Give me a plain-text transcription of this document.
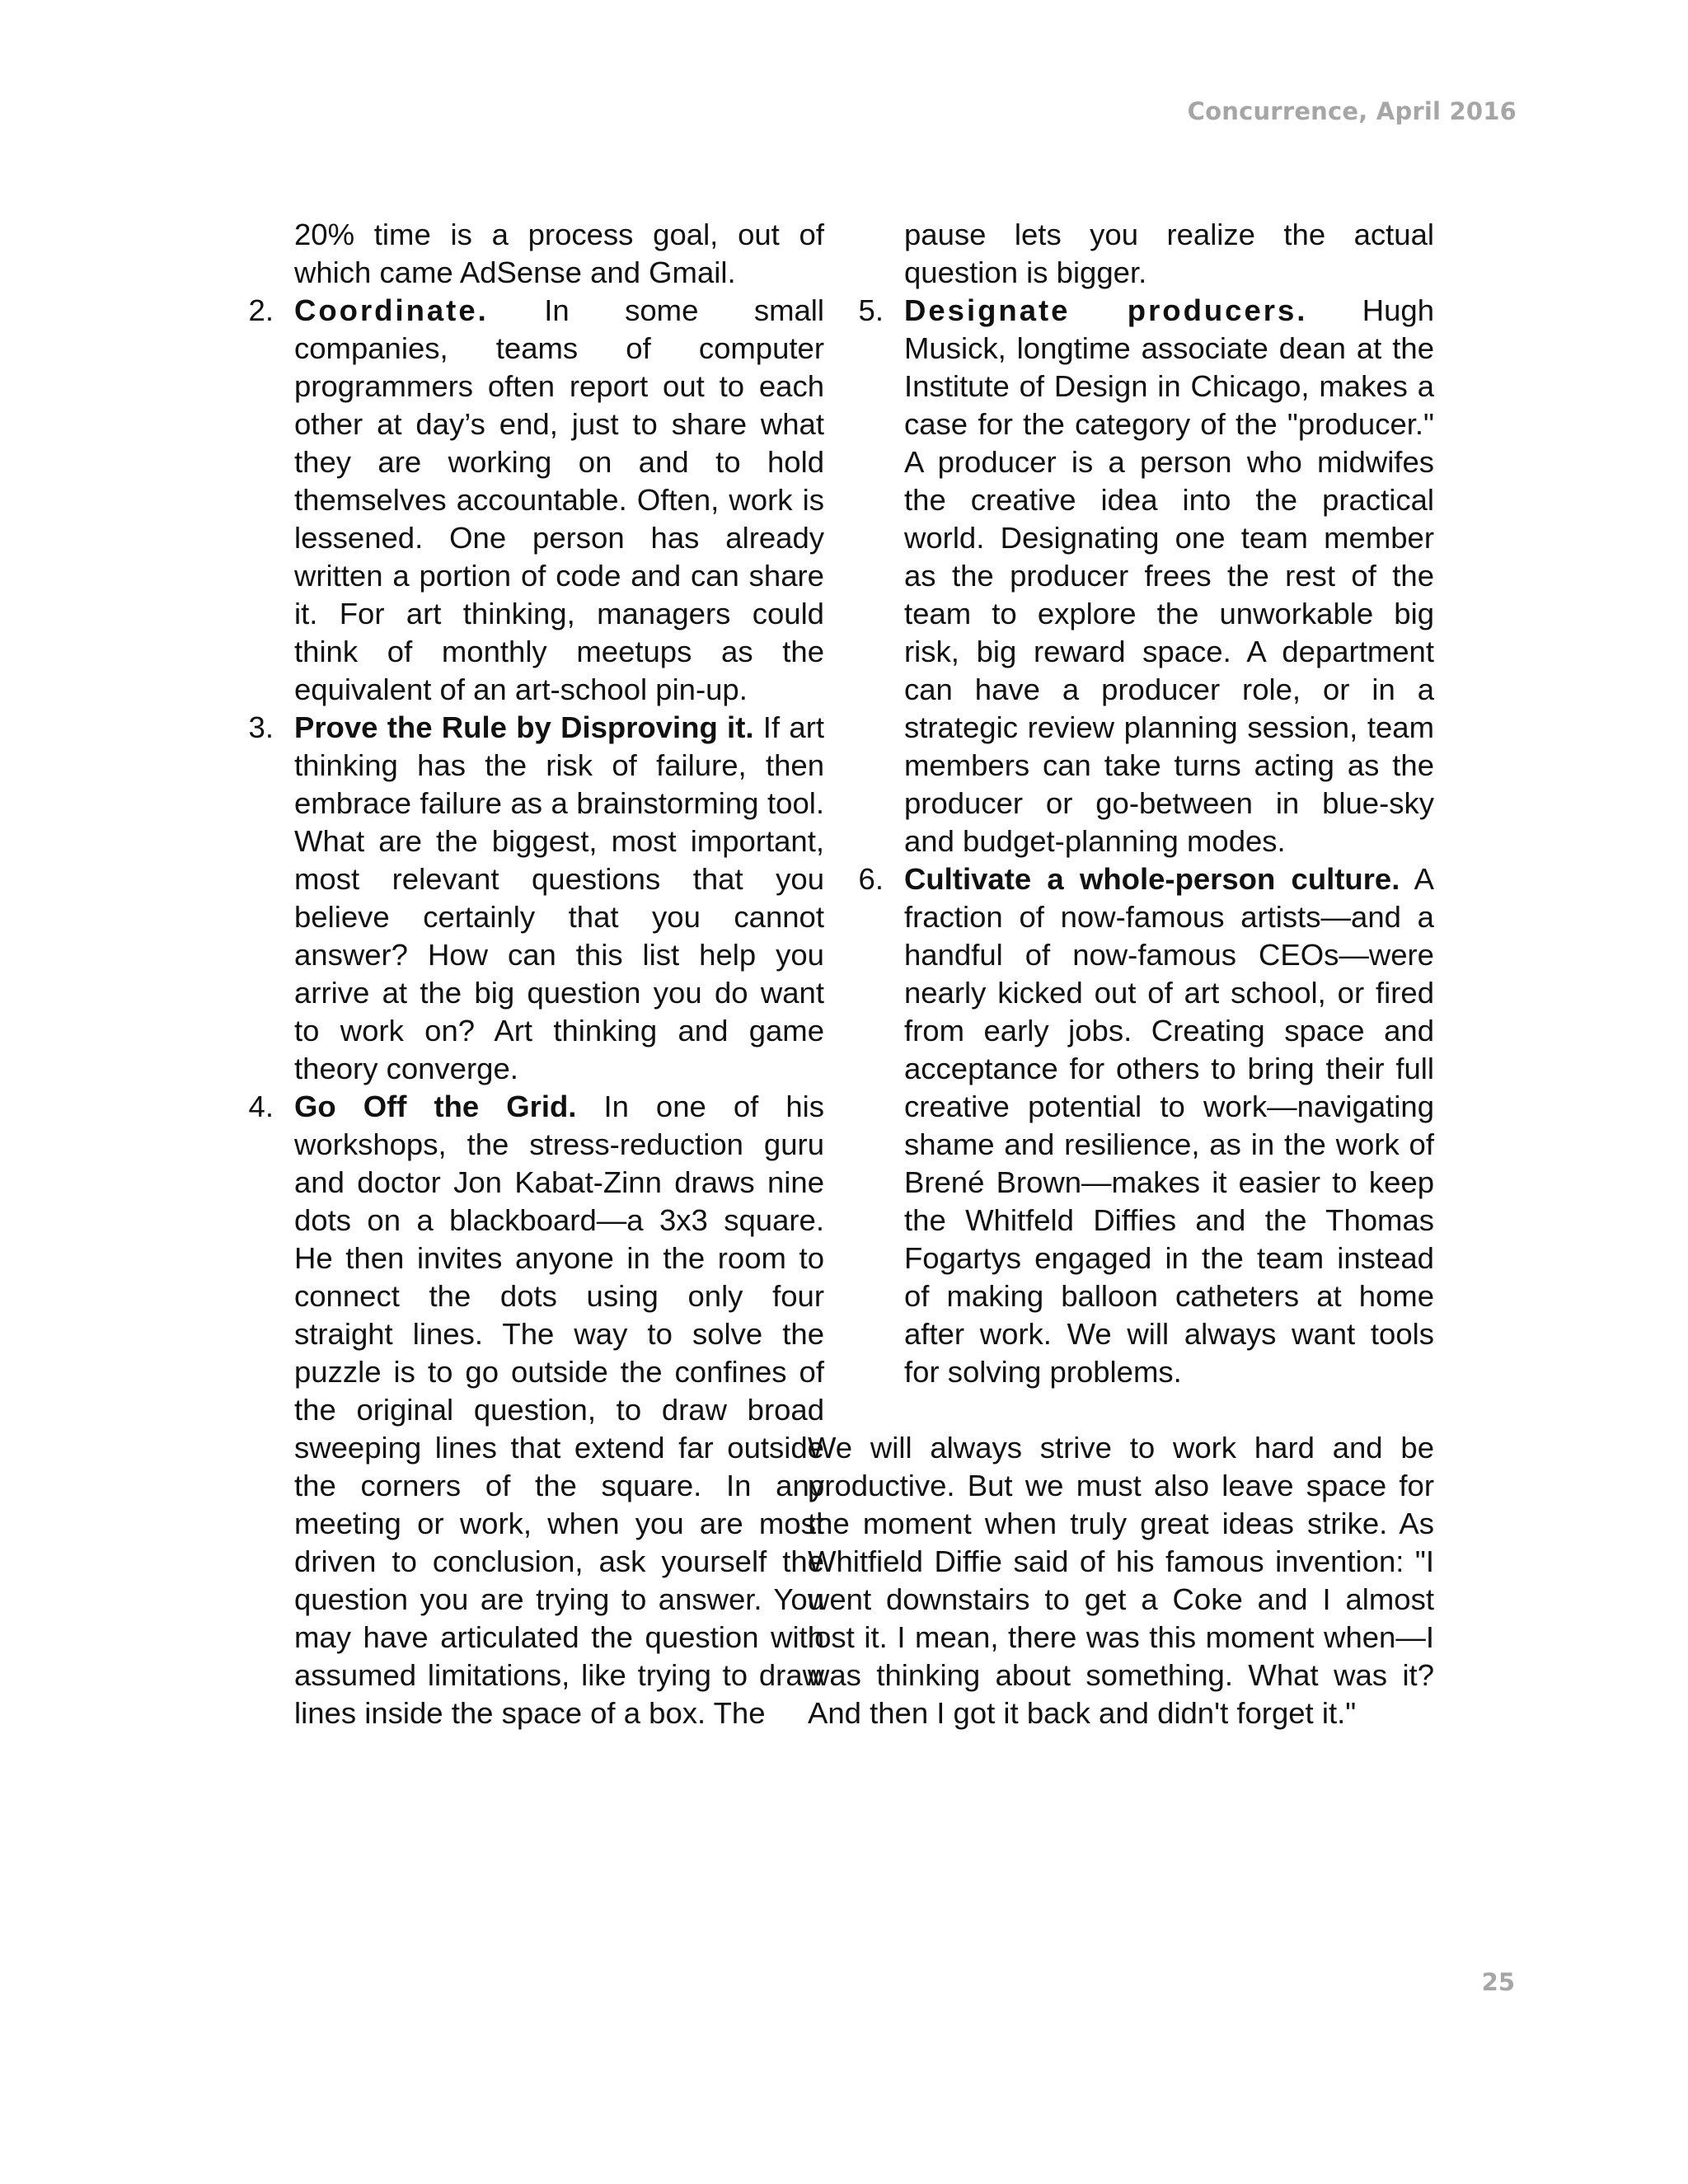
Concurrence, April 2016

20% time is a process goal, out of which came AdSense and Gmail.

2. Coordinate. In some small companies, teams of computer programmers often report out to each other at day’s end, just to share what they are working on and to hold themselves accountable. Often, work is lessened. One person has already written a portion of code and can share it. For art thinking, managers could think of monthly meetups as the equivalent of an art-school pin-up.

3. Prove the Rule by Disproving it. If art thinking has the risk of failure, then embrace failure as a brainstorming tool. What are the biggest, most important, most relevant questions that you believe certainly that you cannot answer? How can this list help you arrive at the big question you do want to work on? Art thinking and game theory converge.

4. Go Off the Grid. In one of his workshops, the stress-reduction guru and doctor Jon Kabat-Zinn draws nine dots on a blackboard—a 3x3 square. He then invites anyone in the room to connect the dots using only four straight lines. The way to solve the puzzle is to go outside the confines of the original question, to draw broad sweeping lines that extend far outside the corners of the square. In any meeting or work, when you are most driven to conclusion, ask yourself the question you are trying to answer. You may have articulated the question with assumed limitations, like trying to draw lines inside the space of a box. The

pause lets you realize the actual question is bigger.

5. Designate producers. Hugh Musick, longtime associate dean at the Institute of Design in Chicago, makes a case for the category of the "producer." A producer is a person who midwifes the creative idea into the practical world. Designating one team member as the producer frees the rest of the team to explore the unworkable big risk, big reward space. A department can have a producer role, or in a strategic review planning session, team members can take turns acting as the producer or go-between in blue-sky and budget-planning modes.

6. Cultivate a whole-person culture. A fraction of now-famous artists—and a handful of now-famous CEOs—were nearly kicked out of art school, or fired from early jobs. Creating space and acceptance for others to bring their full creative potential to work—navigating shame and resilience, as in the work of Brené Brown—makes it easier to keep the Whitfeld Diffies and the Thomas Fogartys engaged in the team instead of making balloon catheters at home after work. We will always want tools for solving problems.

We will always strive to work hard and be productive. But we must also leave space for the moment when truly great ideas strike. As Whitfield Diffie said of his famous invention: "I went downstairs to get a Coke and I almost lost it. I mean, there was this moment when—I was thinking about something. What was it? And then I got it back and didn't forget it."

25
